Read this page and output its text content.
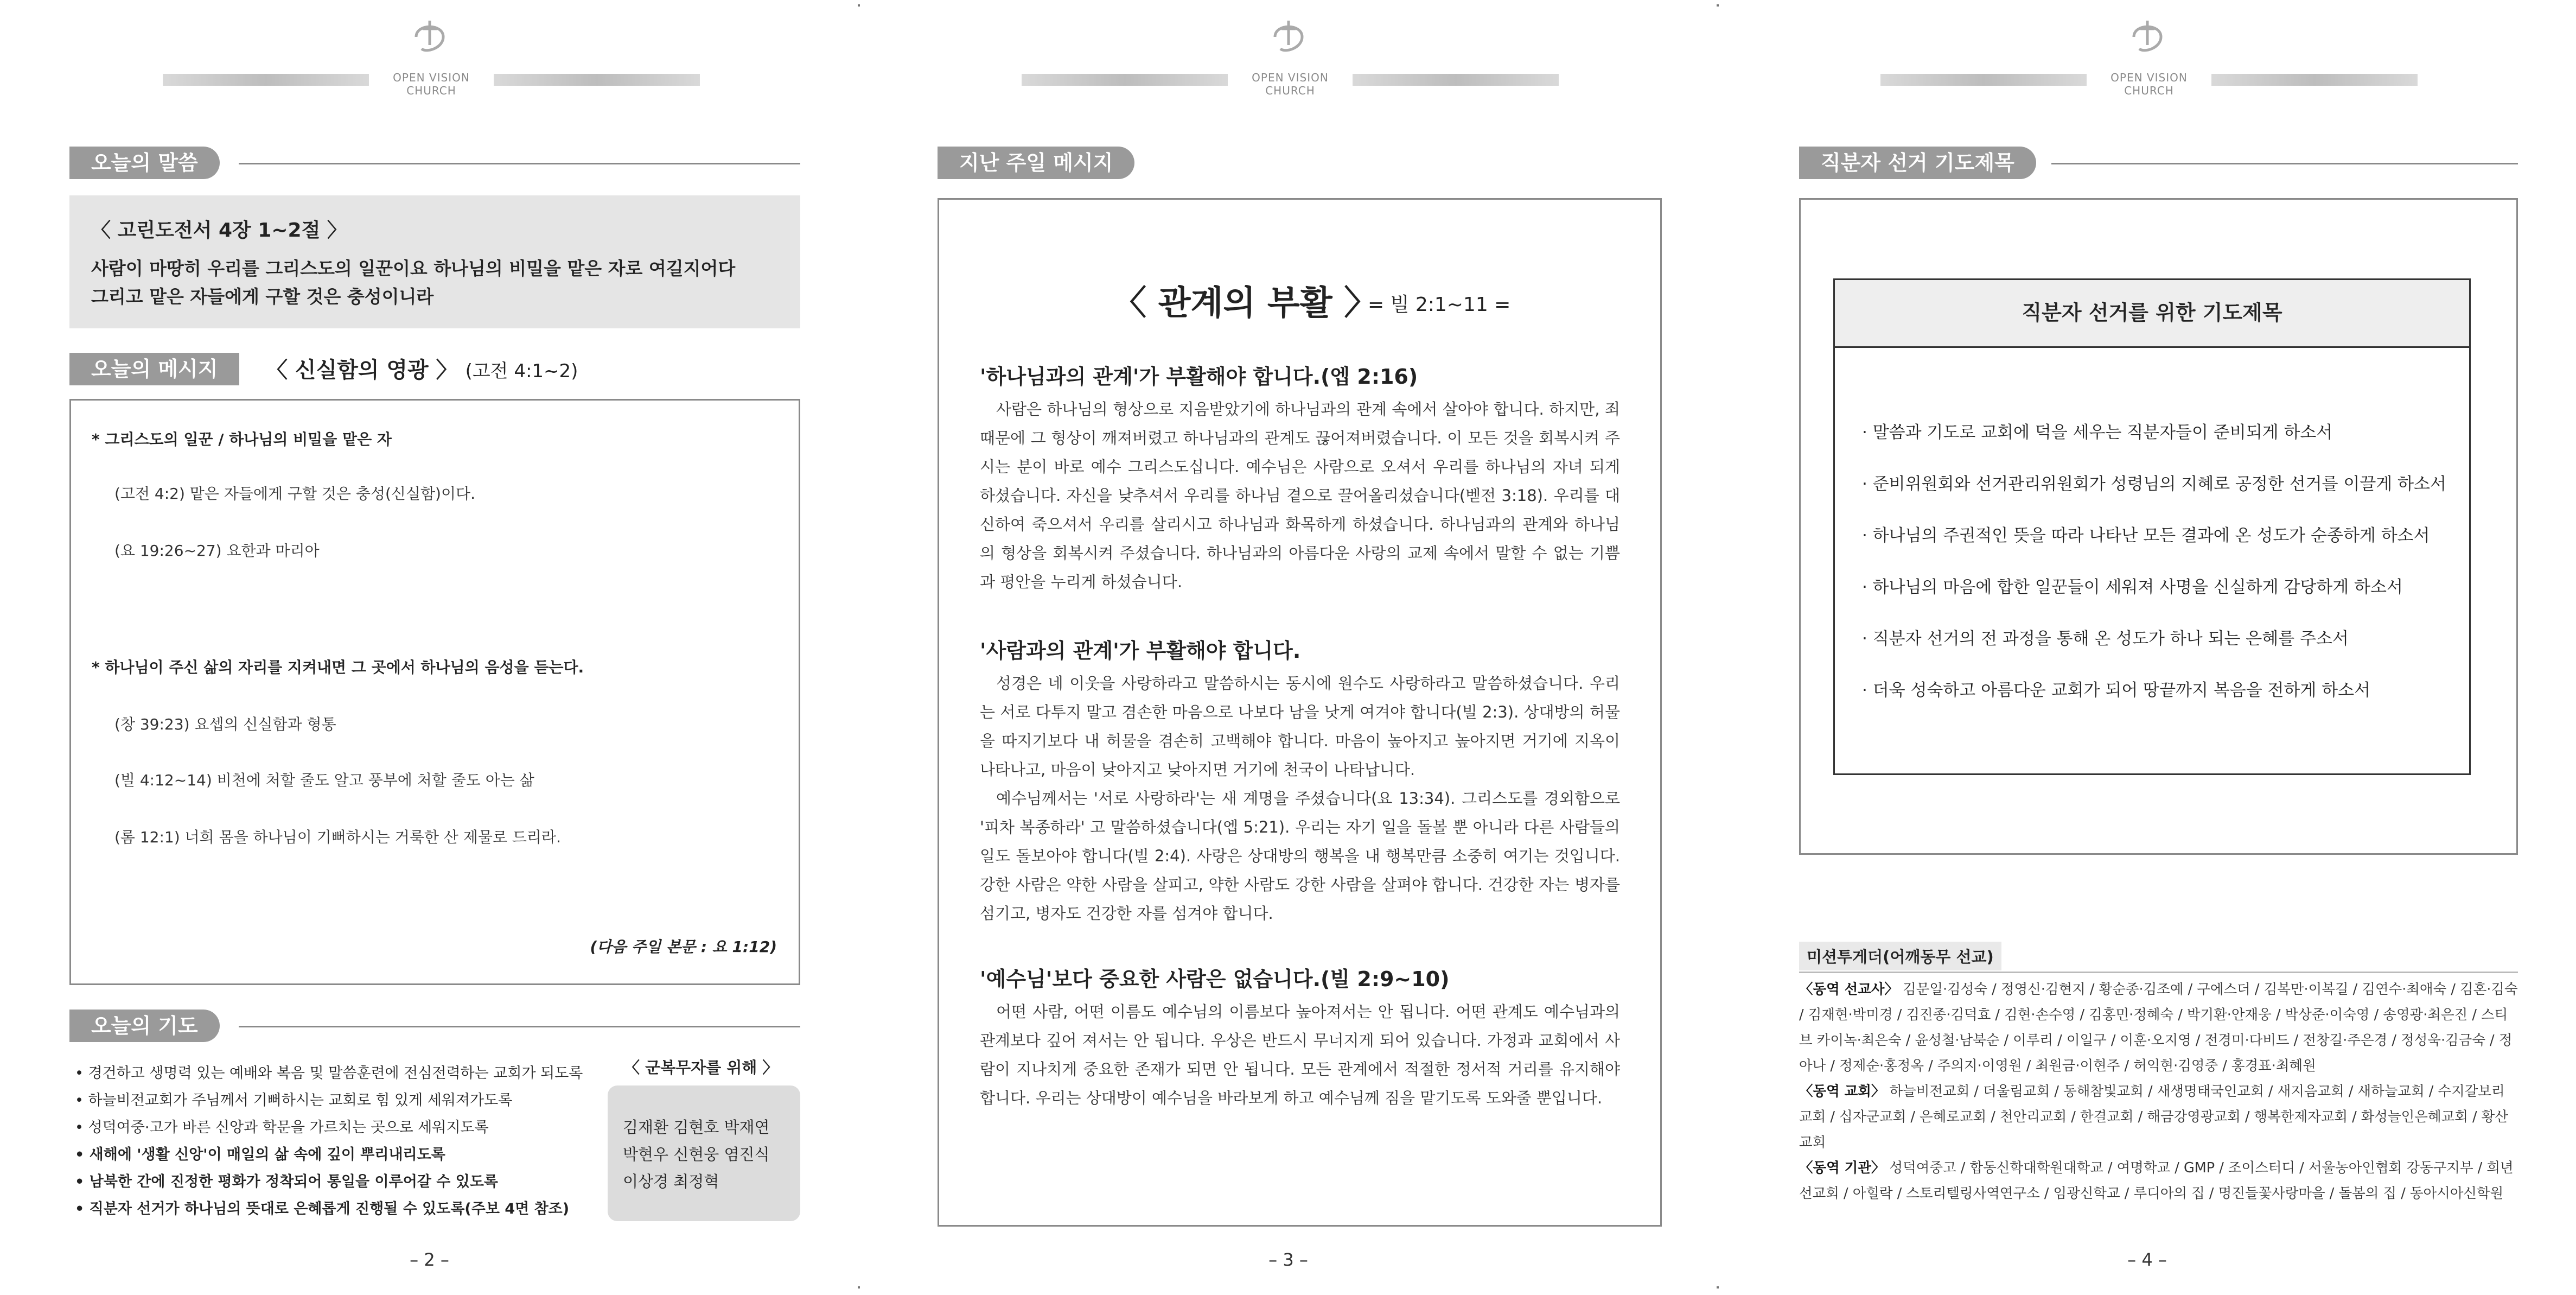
OPEN VISION CHURCH
오늘의 말씀
〈 고린도전서 4장 1~2절 〉
사람이 마땅히 우리를 그리스도의 일꾼이요 하나님의 비밀을 맡은 자로 여길지어다
그리고 맡은 자들에게 구할 것은 충성이니라
오늘의 메시지	〈 신실함의 영광 〉 (고전 4:1~2)
* 그리스도의 일꾼 / 하나님의 비밀을 맡은 자
(고전 4:2) 맡은 자들에게 구할 것은 충성(신실함)이다.
(요 19:26~27) 요한과 마리아
* 하나님이 주신 삶의 자리를 지켜내면 그 곳에서 하나님의 음성을 듣는다.
(창 39:23) 요셉의 신실함과 형통
(빌 4:12~14) 비천에 처할 줄도 알고 풍부에 처할 줄도 아는 삶
(롬 12:1) 너희 몸을 하나님이 기뻐하시는 거룩한 산 제물로 드리라.
(다음 주일 본문 : 요 1:12)
오늘의 기도
• 경건하고 생명력 있는 예배와 복음 및 말씀훈련에 전심전력하는 교회가 되도록
• 하늘비전교회가 주님께서 기뻐하시는 교회로 힘 있게 세워져가도록
• 성덕여중·고가 바른 신앙과 학문을 가르치는 곳으로 세워지도록
• 새해에 '생활 신앙'이 매일의 삶 속에 깊이 뿌리내리도록
• 남북한 간에 진정한 평화가 정착되어 통일을 이루어갈 수 있도록
• 직분자 선거가 하나님의 뜻대로 은혜롭게 진행될 수 있도록(주보 4면 참조)
〈 군복무자를 위해 〉
김재환 김현호 박재연
박현우 신현웅 염진식
이상경 최정혁
– 2 –
OPEN VISION CHURCH
지난 주일 메시지
〈 관계의 부활 〉
= 빌 2:1~11 =
'하나님과의 관계'가 부활해야 합니다.(엡 2:16)
사람은 하나님의 형상으로 지음받았기에 하나님과의 관계 속에서 살아야 합니다. 하지만, 죄 때문에 그 형상이 깨져버렸고 하나님과의 관계도 끊어져버렸습니다. 이 모든 것을 회복시켜 주시는 분이 바로 예수 그리스도십니다. 예수님은 사람으로 오셔서 우리를 하나님의 자녀 되게 하셨습니다. 자신을 낮추셔서 우리를 하나님 곁으로 끌어올리셨습니다(벧전 3:18). 우리를 대신하여 죽으셔서 우리를 살리시고 하나님과 화목하게 하셨습니다. 하나님과의 관계와 하나님의 형상을 회복시켜 주셨습니다. 하나님과의 아름다운 사랑의 교제 속에서 말할 수 없는 기쁨과 평안을 누리게 하셨습니다.
'사람과의 관계'가 부활해야 합니다.
성경은 네 이웃을 사랑하라고 말씀하시는 동시에 원수도 사랑하라고 말씀하셨습니다. 우리는 서로 다투지 말고 겸손한 마음으로 나보다 남을 낫게 여겨야 합니다(빌 2:3). 상대방의 허물을 따지기보다 내 허물을 겸손히 고백해야 합니다. 마음이 높아지고 높아지면 거기에 지옥이 나타나고, 마음이 낮아지고 낮아지면 거기에 천국이 나타납니다.
예수님께서는 '서로 사랑하라'는 새 계명을 주셨습니다(요 13:34). 그리스도를 경외함으로 '피차 복종하라' 고 말씀하셨습니다(엡 5:21). 우리는 자기 일을 돌볼 뿐 아니라 다른 사람들의 일도 돌보아야 합니다(빌 2:4). 사랑은 상대방의 행복을 내 행복만큼 소중히 여기는 것입니다. 강한 사람은 약한 사람을 살피고, 약한 사람도 강한 사람을 살펴야 합니다. 건강한 자는 병자를 섬기고, 병자도 건강한 자를 섬겨야 합니다.
'예수님'보다 중요한 사람은 없습니다.(빌 2:9~10)
어떤 사람, 어떤 이름도 예수님의 이름보다 높아져서는 안 됩니다. 어떤 관계도 예수님과의 관계보다 깊어 져서는 안 됩니다. 우상은 반드시 무너지게 되어 있습니다. 가정과 교회에서 사람이 지나치게 중요한 존재가 되면 안 됩니다. 모든 관계에서 적절한 정서적 거리를 유지해야 합니다. 우리는 상대방이 예수님을 바라보게 하고 예수님께 짐을 맡기도록 도와줄 뿐입니다.
– 3 –
OPEN VISION CHURCH
직분자 선거 기도제목
직분자 선거를 위한 기도제목
· 말씀과 기도로 교회에 덕을 세우는 직분자들이 준비되게 하소서
· 준비위원회와 선거관리위원회가 성령님의 지혜로 공정한 선거를 이끌게 하소서
· 하나님의 주권적인 뜻을 따라 나타난 모든 결과에 온 성도가 순종하게 하소서
· 하나님의 마음에 합한 일꾼들이 세워져 사명을 신실하게 감당하게 하소서
· 직분자 선거의 전 과정을 통해 온 성도가 하나 되는 은혜를 주소서
· 더욱 성숙하고 아름다운 교회가 되어 땅끝까지 복음을 전하게 하소서
미션투게더(어깨동무 선교)
〈동역 선교사〉 김문일·김성숙 / 정영신·김현지 / 황순종·김조예 / 구에스더 / 김복만·이복길 / 김연수·최애숙 / 김혼·김숙 / 김재현·박미경 / 김진종·김덕효 / 김현·손수영 / 김홍민·정혜숙 / 박기환·안재웅 / 박상준·이숙영 / 송영광·최은진 / 스티브 카이녹·최은숙 / 윤성철·남북순 / 이루리 / 이일구 / 이훈·오지영 / 전경미·다비드 / 전창길·주은경 / 정성욱·김금숙 / 정아나 / 정제순·홍정옥 / 주의지·이영원 / 최원금·이현주 / 허익현·김영중 / 홍경표·최혜원
〈동역 교회〉 하늘비전교회 / 더울림교회 / 동해참빛교회 / 새생명태국인교회 / 새지음교회 / 새하늘교회 / 수지갈보리교회 / 십자군교회 / 은혜로교회 / 천안리교회 / 한결교회 / 해금강영광교회 / 행복한제자교회 / 화성늘인은혜교회 / 황산교회
〈동역 기관〉 성덕여중고 / 합동신학대학원대학교 / 여명학교 / GMP / 조이스터디 / 서울농아인협회 강동구지부 / 희년선교회 / 아힐락 / 스토리텔링사역연구소 / 임광신학교 / 루디아의 집 / 명진들꽃사랑마을 / 돌봄의 집 / 동아시아신학원
– 4 –
